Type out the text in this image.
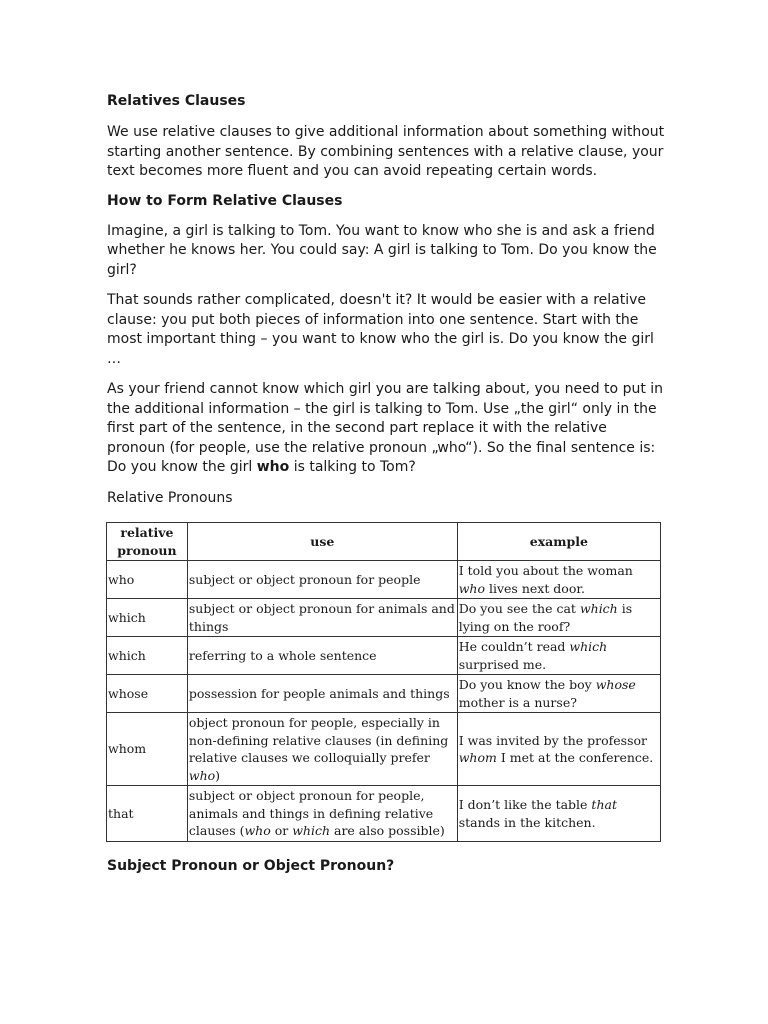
Relatives Clauses

We use relative clauses to give additional information about something without starting another sentence. By combining sentences with a relative clause, your text becomes more fluent and you can avoid repeating certain words.

How to Form Relative Clauses

Imagine, a girl is talking to Tom. You want to know who she is and ask a friend whether he knows her. You could say: A girl is talking to Tom. Do you know the girl?

That sounds rather complicated, doesn't it? It would be easier with a relative clause: you put both pieces of information into one sentence. Start with the most important thing – you want to know who the girl is. Do you know the girl …

As your friend cannot know which girl you are talking about, you need to put in the additional information – the girl is talking to Tom. Use „the girl“ only in the first part of the sentence, in the second part replace it with the relative pronoun (for people, use the relative pronoun „who“). So the final sentence is: Do you know the girl who is talking to Tom?

Relative Pronouns

relative pronoun	use	example
who	subject or object pronoun for people	I told you about the woman who lives next door.
which	subject or object pronoun for animals and things	Do you see the cat which is lying on the roof?
which	referring to a whole sentence	He couldn’t read which surprised me.
whose	possession for people animals and things	Do you know the boy whose mother is a nurse?
whom	object pronoun for people, especially in non-defining relative clauses (in defining relative clauses we colloquially prefer who)	I was invited by the professor whom I met at the conference.
that	subject or object pronoun for people, animals and things in defining relative clauses (who or which are also possible)	I don’t like the table that stands in the kitchen.
Subject Pronoun or Object Pronoun?
